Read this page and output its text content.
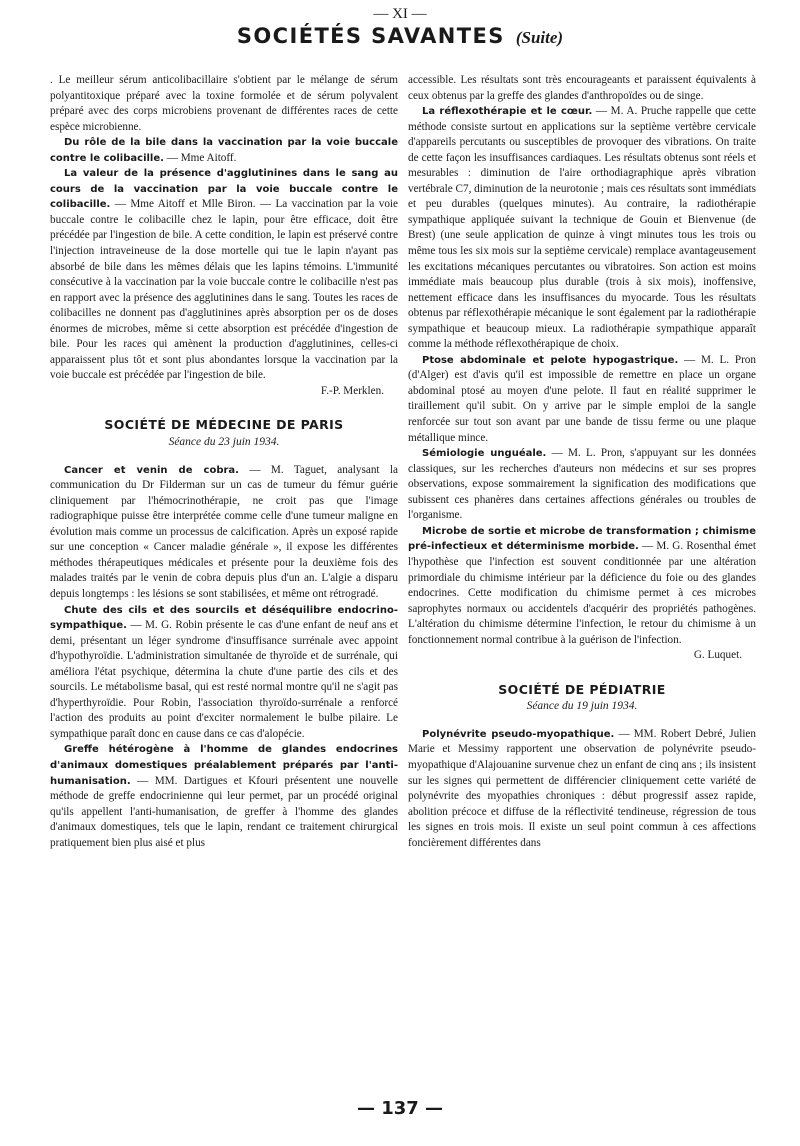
— XI —
SOCIÉTÉS SAVANTES (Suite)

. Le meilleur sérum anticolibacillaire s'obtient par le mélange de sérum polyantitoxique préparé avec la toxine formolée et de sérum polyvalent préparé avec des corps microbiens provenant de différentes races de cette espèce microbienne.

Du rôle de la bile dans la vaccination par la voie buccale contre le colibacille. — Mme Aitoff.

La valeur de la présence d'agglutinines dans le sang au cours de la vaccination par la voie buccale contre le colibacille. — Mme Aitoff et Mlle Biron. — La vaccination par la voie buccale contre le colibacille chez le lapin, pour être efficace, doit être précédée par l'ingestion de bile. A cette condition, le lapin est préservé contre l'injection intraveineuse de la dose mortelle qui tue le lapin n'ayant pas absorbé de bile dans les mêmes délais que les lapins témoins. L'immunité consécutive à la vaccination par la voie buccale contre le colibacille n'est pas en rapport avec la présence des agglutinines dans le sang. Toutes les races de colibacilles ne donnent pas d'agglutinines après absorption per os de doses énormes de microbes, même si cette absorption est précédée d'ingestion de bile. Pour les races qui amènent la production d'agglutinines, celles-ci apparaissent plus tôt et sont plus abondantes lorsque la vaccination par la voie buccale est précédée par l'ingestion de bile.

F.-P. Merklen.

SOCIÉTÉ DE MÉDECINE DE PARIS
Séance du 23 juin 1934.

Cancer et venin de cobra. — M. Taguet, analysant la communication du Dr Filderman sur un cas de tumeur du fémur guérie cliniquement par l'hémocrinothérapie, ne croit pas que l'image radiographique puisse être interprétée comme celle d'une tumeur maligne en évolution mais comme un processus de calcification. Après un exposé rapide sur une conception « Cancer maladie générale », il expose les différentes méthodes thérapeutiques médicales et présente pour la deuxième fois des malades traités par le venin de cobra depuis plus d'un an. L'algie a disparu depuis longtemps : les lésions se sont stabilisées, et même ont rétrogradé.

Chute des cils et des sourcils et déséquilibre endocrino-sympathique. — M. G. Robin présente le cas d'une enfant de neuf ans et demi, présentant un léger syndrome d'insuffisance surrénale avec appoint d'hypothyroïdie. L'administration simultanée de thyroïde et de surrénale, qui améliora l'état psychique, détermina la chute d'une partie des cils et des sourcils. Le métabolisme basal, qui est resté normal montre qu'il ne s'agit pas d'hyperthyroïdie. Pour Robin, l'association thyroïdo-surrénale a renforcé l'action des produits au point d'exciter normalement le bulbe pilaire. Le sympathique paraît donc en cause dans ce cas d'alopécie.

Greffe hétérogène à l'homme de glandes endocrines d'animaux domestiques préalablement préparés par l'anti-humanisation. — MM. Dartigues et Kfouri présentent une nouvelle méthode de greffe endocrinienne qui leur permet, par un procédé original qu'ils appellent l'anti-humanisation, de greffer à l'homme des glandes d'animaux domestiques, tels que le lapin, rendant ce traitement chirurgical pratiquement bien plus aisé et plus

accessible. Les résultats sont très encourageants et paraissent équivalents à ceux obtenus par la greffe des glandes d'anthropoïdes ou de singe.

La réflexothérapie et le cœur. — M. A. Pruche rappelle que cette méthode consiste surtout en applications sur la septième vertèbre cervicale d'appareils percutants ou susceptibles de provoquer des vibrations. On traite de cette façon les insuffisances cardiaques. Les résultats obtenus sont réels et mesurables : diminution de l'aire orthodiagraphique après vibration vertébrale C7, diminution de la neurotonie ; mais ces résultats sont immédiats et peu durables (quelques minutes). Au contraire, la radiothérapie sympathique appliquée suivant la technique de Gouin et Bienvenue (de Brest) (une seule application de quinze à vingt minutes tous les trois ou même tous les six mois sur la septième cervicale) remplace avantageusement les excitations mécaniques percutantes ou vibratoires. Son action est moins immédiate mais beaucoup plus durable (trois à six mois), inoffensive, nettement efficace dans les insuffisances du myocarde. Tous les résultats obtenus par réflexothérapie mécanique le sont également par la radiothérapie sympathique et beaucoup mieux. La radiothérapie sympathique apparaît comme la méthode réflexothérapique de choix.

Ptose abdominale et pelote hypogastrique. — M. L. Pron (d'Alger) est d'avis qu'il est impossible de remettre en place un organe abdominal ptosé au moyen d'une pelote. Il faut en réalité supprimer le tiraillement qu'il subit. On y arrive par le simple emploi de la sangle renforcée sur tout son avant par une bande de tissu ferme ou une plaque métallique mince.

Sémiologie unguéale. — M. L. Pron, s'appuyant sur les données classiques, sur les recherches d'auteurs non médecins et sur ses propres observations, expose sommairement la signification des modifications que subissent ces phanères dans certaines affections générales ou troubles de l'organisme.

Microbe de sortie et microbe de transformation ; chimisme pré-infectieux et déterminisme morbide. — M. G. Rosenthal émet l'hypothèse que l'infection est souvent conditionnée par une altération primordiale du chimisme intérieur par la déficience du foie ou des glandes endocrines. Cette modification du chimisme permet à ces microbes saprophytes normaux ou accidentels d'acquérir des propriétés pathogènes. L'altération du chimisme détermine l'infection, le retour du chimisme à un fonctionnement normal contribue à la guérison de l'infection.

G. Luquet.

SOCIÉTÉ DE PÉDIATRIE
Séance du 19 juin 1934.

Polynévrite pseudo-myopathique. — MM. Robert Debré, Julien Marie et Messimy rapportent une observation de polynévrite pseudo-myopathique d'Alajouanine survenue chez un enfant de cinq ans ; ils insistent sur les signes qui permettent de différencier cliniquement cette variété de polynévrite des myopathies chroniques : début progressif assez rapide, abolition précoce et diffuse de la réflectivité tendineuse, régression de tous les signes en trois mois. Il existe un seul point commun à ces affections foncièrement différentes dans

— 137 —
